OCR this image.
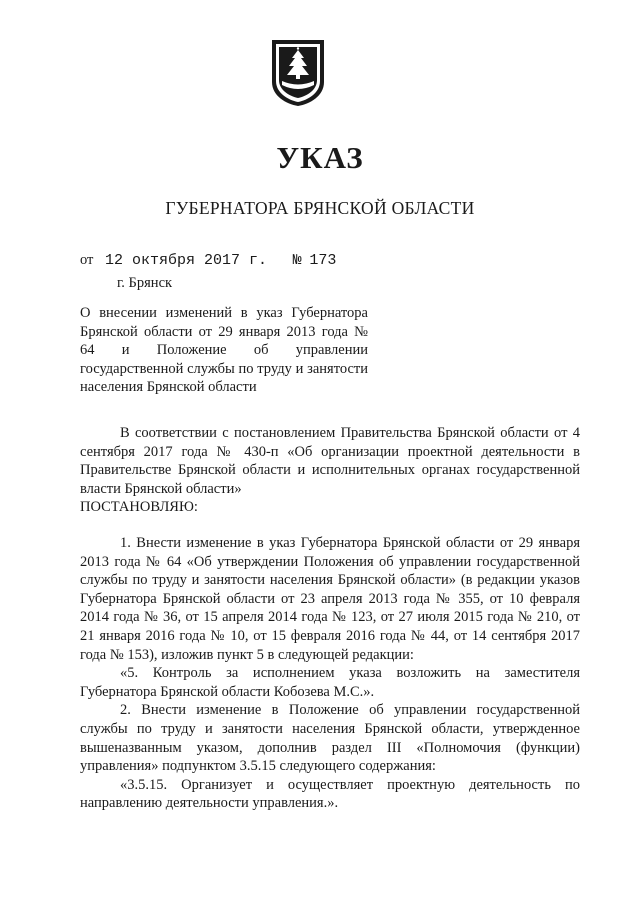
УКАЗ
ГУБЕРНАТОРА БРЯНСКОЙ ОБЛАСТИ
от 12 октября 2017 г. № 173
г. Брянск
О внесении изменений в указ Губернатора Брянской области от 29 января 2013 года № 64 и Положение об управлении государственной службы по труду и занятости населения Брянской области

В соответствии с постановлением Правительства Брянской области от 4 сентября 2017 года № 430-п «Об организации проектной деятельности в Правительстве Брянской области и исполнительных органах государственной власти Брянской области»

ПОСТАНОВЛЯЮ:

1. Внести изменение в указ Губернатора Брянской области от 29 января 2013 года № 64 «Об утверждении Положения об управлении государственной службы по труду и занятости населения Брянской области» (в редакции указов Губернатора Брянской области от 23 апреля 2013 года № 355, от 10 февраля 2014 года № 36, от 15 апреля 2014 года № 123, от 27 июля 2015 года № 210, от 21 января 2016 года № 10, от 15 февраля 2016 года № 44, от 14 сентября 2017 года № 153), изложив пункт 5 в следующей редакции:

«5. Контроль за исполнением указа возложить на заместителя Губернатора Брянской области Кобозева М.С.».

2. Внести изменение в Положение об управлении государственной службы по труду и занятости населения Брянской области, утвержденное вышеназванным указом, дополнив раздел III «Полномочия (функции) управления» подпунктом 3.5.15 следующего содержания:

«3.5.15. Организует и осуществляет проектную деятельность по направлению деятельности управления.».
